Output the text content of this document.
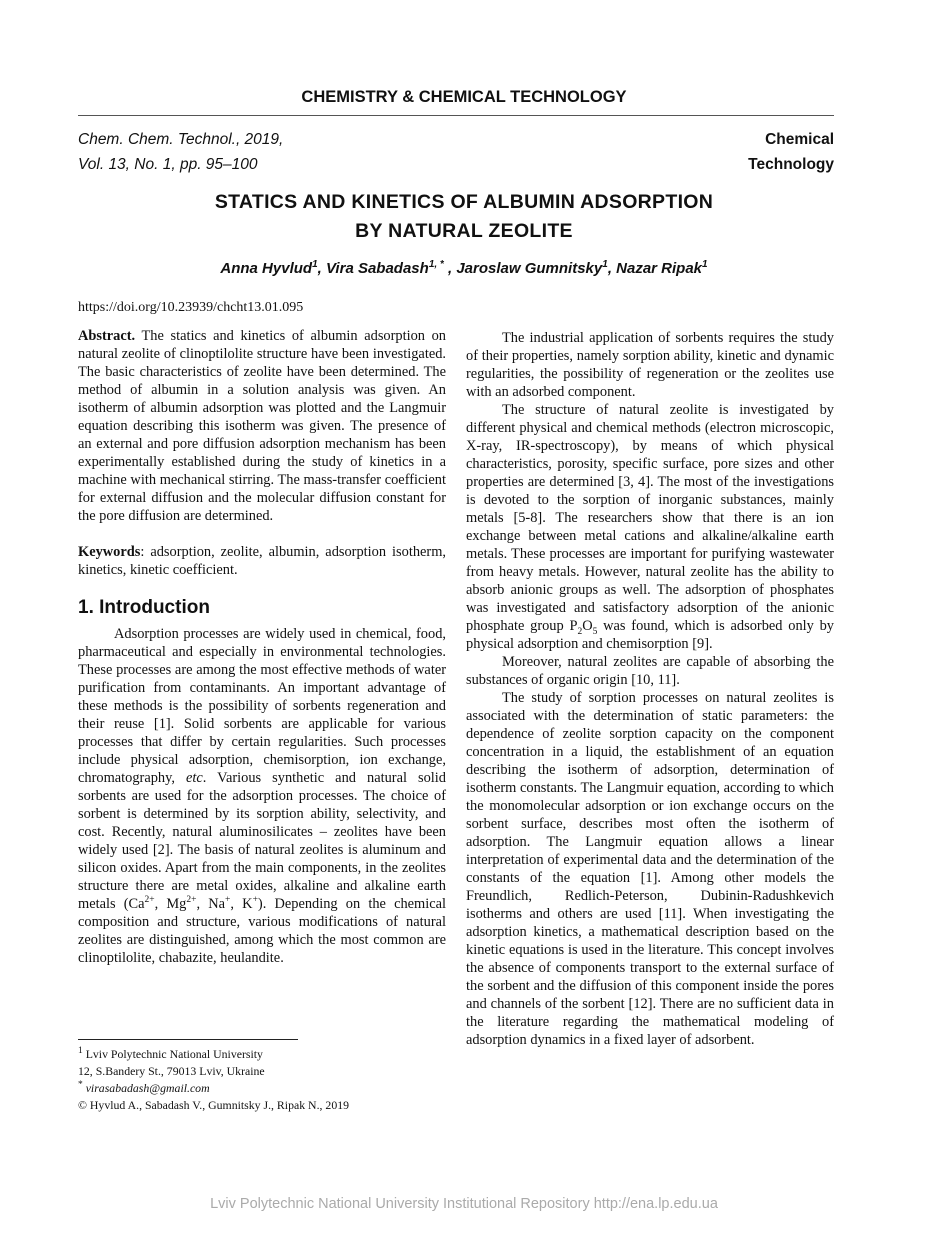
CHEMISTRY & CHEMICAL TECHNOLOGY
Chem. Chem. Technol., 2019,
Vol. 13, No. 1, pp. 95–100
Chemical
Technology
STATICS AND KINETICS OF ALBUMIN ADSORPTION
BY NATURAL ZEOLITE
Anna Hyvlud$^1$, Vira Sabadash$^{1, *}$ , Jaroslaw Gumnitsky$^1$, Nazar Ripak$^1$
https://doi.org/10.23939/chcht13.01.095

Abstract. The statics and kinetics of albumin adsorption on natural zeolite of clinoptilolite structure have been investigated. The basic characteristics of zeolite have been determined. The method of albumin in a solution analysis was given. An isotherm of albumin adsorption was plotted and the Langmuir equation describing this isotherm was given. The presence of an external and pore diffusion adsorption mechanism has been experimentally established during the study of kinetics in a machine with mechanical stirring. The mass-transfer coefficient for external diffusion and the molecular diffusion constant for the pore diffusion are determined.

Keywords: adsorption, zeolite, albumin, adsorption isotherm, kinetics, kinetic coefficient.

1. Introduction

Adsorption processes are widely used in chemical, food, pharmaceutical and especially in environmental technologies. These processes are among the most effective methods of water purification from contaminants. An important advantage of these methods is the possibility of sorbents regeneration and their reuse [1]. Solid sorbents are applicable for various processes that differ by certain regularities. Such processes include physical adsorption, chemisorption, ion exchange, chromatography, etc. Various synthetic and natural solid sorbents are used for the adsorption processes. The choice of sorbent is determined by its sorption ability, selectivity, and cost. Recently, natural aluminosilicates – zeolites have been widely used [2]. The basis of natural zeolites is aluminum and silicon oxides. Apart from the main components, in the zeolites structure there are metal oxides, alkaline and alkaline earth metals ($Ca^{2+}$, $Mg^{2+}$, Na+, K+). Depending on the chemical composition and structure, various modifications of natural zeolites are distinguished, among which the most common are clinoptilolite, chabazite, heulandite.

The industrial application of sorbents requires the study of their properties, namely sorption ability, kinetic and dynamic regularities, the possibility of regeneration or the zeolites use with an adsorbed component.

The structure of natural zeolite is investigated by different physical and chemical methods (electron microscopic, X-ray, IR-spectroscopy), by means of which physical characteristics, porosity, specific surface, pore sizes and other properties are determined [3, 4]. The most of the investigations is devoted to the sorption of inorganic substances, mainly metals [5-8]. The researchers show that there is an ion exchange between metal cations and alkaline/alkaline earth metals. These processes are important for purifying wastewater from heavy metals. However, natural zeolite has the ability to absorb anionic groups as well. The adsorption of phosphates was investigated and satisfactory adsorption of the anionic phosphate group $P_2O_5$ was found, which is adsorbed only by physical adsorption and chemisorption [9].

Moreover, natural zeolites are capable of absorbing the substances of organic origin [10, 11].

The study of sorption processes on natural zeolites is associated with the determination of static parameters: the dependence of zeolite sorption capacity on the component concentration in a liquid, the establishment of an equation describing the isotherm of adsorption, determination of isotherm constants. The Langmuir equation, according to which the monomolecular adsorption or ion exchange occurs on the sorbent surface, describes most often the isotherm of adsorption. The Langmuir equation allows a linear interpretation of experimental data and the determination of the constants of the equation [1]. Among other models the Freundlich, Redlich-Peterson, Dubinin-Radushkevich isotherms and others are used [11]. When investigating the adsorption kinetics, a mathematical description based on the kinetic equations is used in the literature. This concept involves the absence of components transport to the external surface of the sorbent and the diffusion of this component inside the pores and channels of the sorbent [12]. There are no sufficient data in the literature regarding the mathematical modeling of adsorption dynamics in a fixed layer of adsorbent.

$^1$ Lviv Polytechnic National University
12, S.Bandery St., 79013 Lviv, Ukraine
* virasabadash@gmail.com
© Hyvlud A., Sabadash V., Gumnitsky J., Ripak N., 2019
Lviv Polytechnic National University Institutional Repository http://ena.lp.edu.ua
